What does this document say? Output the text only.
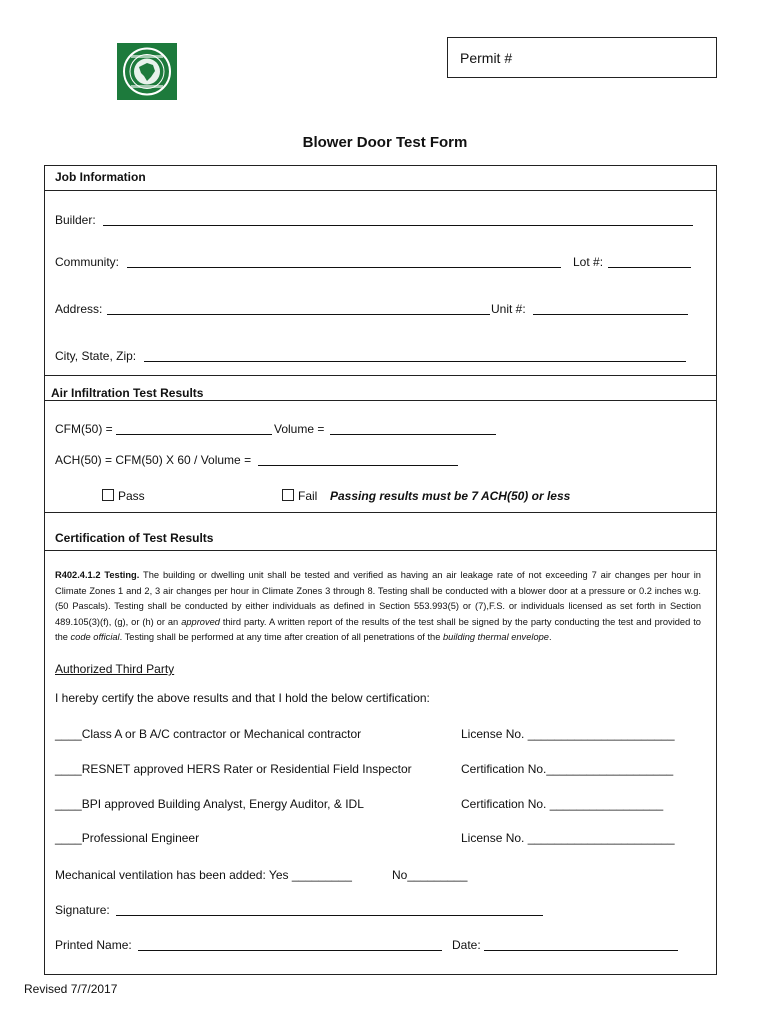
Permit #
Blower Door Test Form
Job Information
Builder:
Community:	Lot #:
Address:	Unit #:
City, State, Zip:
Air Infiltration Test Results
CFM(50) =	Volume =
ACH(50) = CFM(50) X 60 / Volume =
Pass	Fail Passing results must be 7 ACH(50) or less
Certification of Test Results
R402.4.1.2 Testing. The building or dwelling unit shall be tested and verified as having an air leakage rate of not exceeding 7 air changes per hour in Climate Zones 1 and 2, 3 air changes per hour in Climate Zones 3 through 8. Testing shall be conducted with a blower door at a pressure or 0.2 inches w.g. (50 Pascals). Testing shall be conducted by either individuals as defined in Section 553.993(5) or (7),F.S. or individuals licensed as set forth in Section 489.105(3)(f), (g), or (h) or an approved third party. A written report of the results of the test shall be signed by the party conducting the test and provided to the code official. Testing shall be performed at any time after creation of all penetrations of the building thermal envelope.
Authorized Third Party
I hereby certify the above results and that I hold the below certification:
____Class A or B A/C contractor or Mechanical contractor	License No. ______________________
____RESNET approved HERS Rater or Residential Field Inspector	Certification No.___________________
____BPI approved Building Analyst, Energy Auditor, & IDL	Certification No. _________________
____Professional Engineer	License No. ______________________
Mechanical ventilation has been added: Yes _________	No_________
Signature:
Printed Name:	Date:
Revised 7/7/2017
